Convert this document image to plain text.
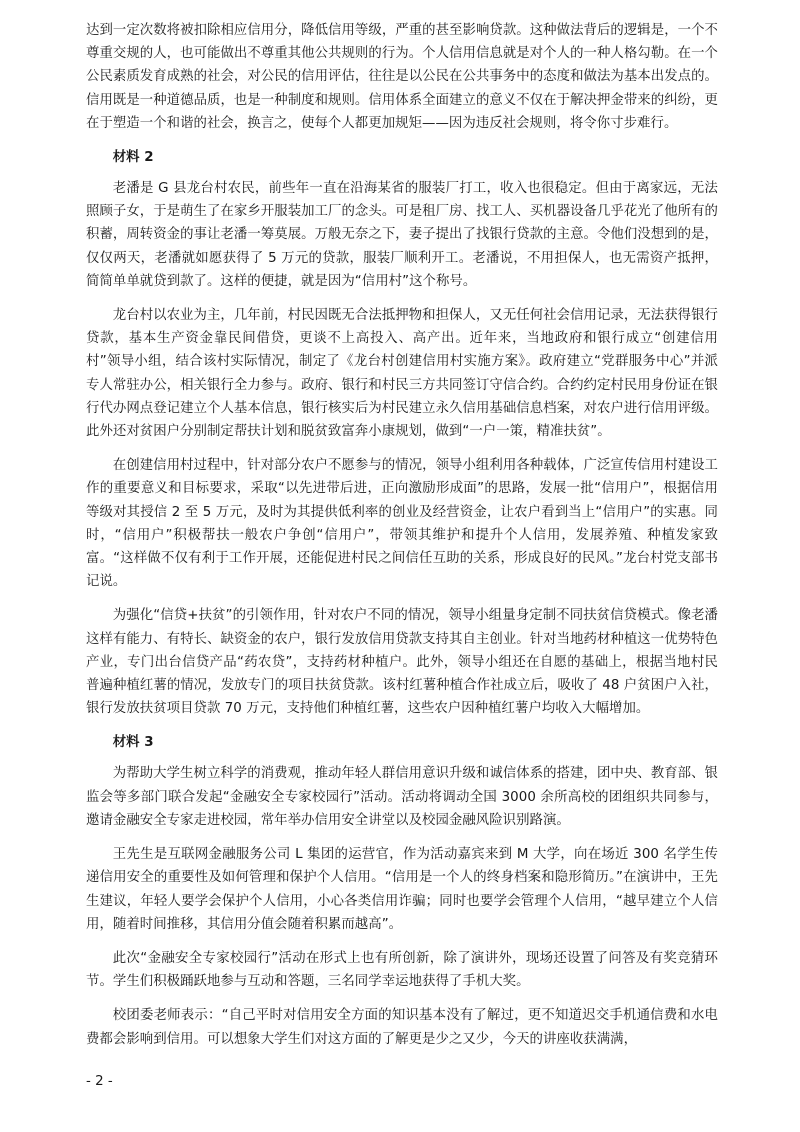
达到一定次数将被扣除相应信用分，降低信用等级，严重的甚至影响贷款。这种做法背后的逻辑是，一个不尊重交规的人，也可能做出不尊重其他公共规则的行为。个人信用信息就是对个人的一种人格勾勒。在一个公民素质发育成熟的社会，对公民的信用评估，往往是以公民在公共事务中的态度和做法为基本出发点的。信用既是一种道德品质，也是一种制度和规则。信用体系全面建立的意义不仅在于解决押金带来的纠纷，更在于塑造一个和谐的社会，换言之，使每个人都更加规矩——因为违反社会规则，将令你寸步难行。

材料 2

老潘是 G 县龙台村农民，前些年一直在沿海某省的服装厂打工，收入也很稳定。但由于离家远，无法照顾子女，于是萌生了在家乡开服装加工厂的念头。可是租厂房、找工人、买机器设备几乎花光了他所有的积蓄，周转资金的事让老潘一筹莫展。万般无奈之下，妻子提出了找银行贷款的主意。令他们没想到的是，仅仅两天，老潘就如愿获得了 5 万元的贷款，服装厂顺利开工。老潘说，不用担保人，也无需资产抵押，简简单单就贷到款了。这样的便捷，就是因为“信用村”这个称号。

龙台村以农业为主，几年前，村民因既无合法抵押物和担保人，又无任何社会信用记录，无法获得银行贷款，基本生产资金靠民间借贷，更谈不上高投入、高产出。近年来，当地政府和银行成立“创建信用村”领导小组，结合该村实际情况，制定了《龙台村创建信用村实施方案》。政府建立“党群服务中心”并派专人常驻办公，相关银行全力参与。政府、银行和村民三方共同签订守信合约。合约约定村民用身份证在银行代办网点登记建立个人基本信息，银行核实后为村民建立永久信用基础信息档案，对农户进行信用评级。此外还对贫困户分别制定帮扶计划和脱贫致富奔小康规划，做到“一户一策，精准扶贫”。

在创建信用村过程中，针对部分农户不愿参与的情况，领导小组利用各种载体，广泛宣传信用村建设工作的重要意义和目标要求，采取“以先进带后进，正向激励形成面”的思路，发展一批“信用户”，根据信用等级对其授信 2 至 5 万元，及时为其提供低利率的创业及经营资金，让农户看到当上“信用户”的实惠。同时，“信用户”积极帮扶一般农户争创“信用户”，带领其维护和提升个人信用，发展养殖、种植发家致富。“这样做不仅有利于工作开展，还能促进村民之间信任互助的关系，形成良好的民风。”龙台村党支部书记说。

为强化“信贷+扶贫”的引领作用，针对农户不同的情况，领导小组量身定制不同扶贫信贷模式。像老潘这样有能力、有特长、缺资金的农户，银行发放信用贷款支持其自主创业。针对当地药材种植这一优势特色产业，专门出台信贷产品“药农贷”，支持药材种植户。此外，领导小组还在自愿的基础上，根据当地村民普遍种植红薯的情况，发放专门的项目扶贫贷款。该村红薯种植合作社成立后，吸收了 48 户贫困户入社，银行发放扶贫项目贷款 70 万元，支持他们种植红薯，这些农户因种植红薯户均收入大幅增加。

材料 3

为帮助大学生树立科学的消费观，推动年轻人群信用意识升级和诚信体系的搭建，团中央、教育部、银监会等多部门联合发起“金融安全专家校园行”活动。活动将调动全国 3000 余所高校的团组织共同参与，邀请金融安全专家走进校园，常年举办信用安全讲堂以及校园金融风险识别路演。

王先生是互联网金融服务公司 L 集团的运营官，作为活动嘉宾来到 M 大学，向在场近 300 名学生传递信用安全的重要性及如何管理和保护个人信用。“信用是一个人的终身档案和隐形简历。”在演讲中，王先生建议，年轻人要学会保护个人信用，小心各类信用诈骗；同时也要学会管理个人信用，“越早建立个人信用，随着时间推移，其信用分值会随着积累而越高”。

此次“金融安全专家校园行”活动在形式上也有所创新，除了演讲外，现场还设置了问答及有奖竞猜环节。学生们积极踊跃地参与互动和答题，三名同学幸运地获得了手机大奖。

校团委老师表示：“自己平时对信用安全方面的知识基本没有了解过，更不知道迟交手机通信费和水电费都会影响到信用。可以想象大学生们对这方面的了解更是少之又少，今天的讲座收获满满，

- 2 -
